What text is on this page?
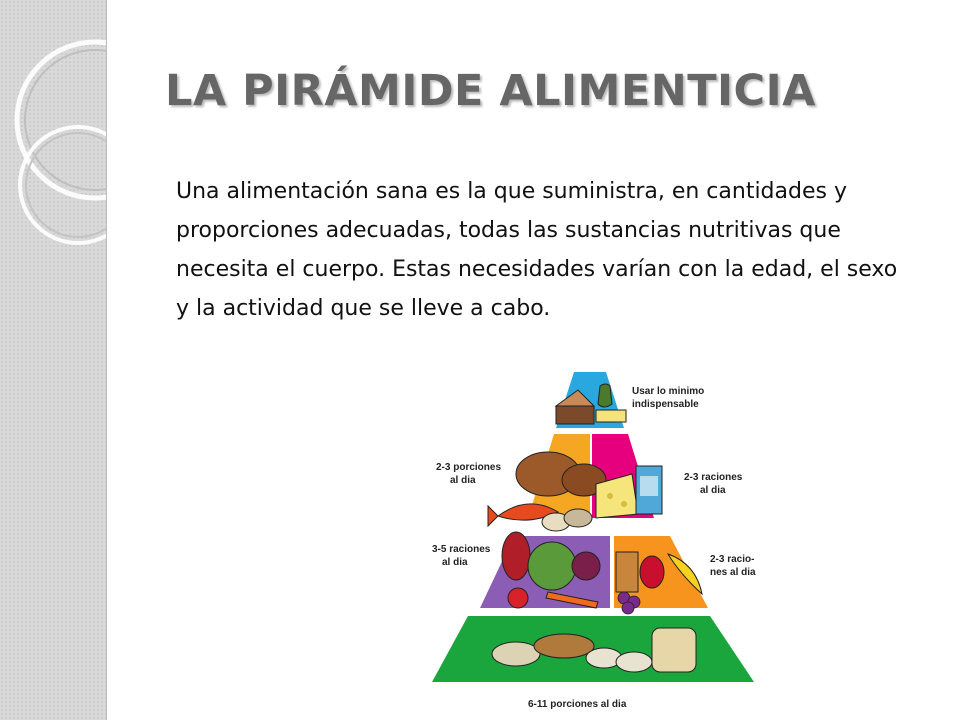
LA PIRÁMIDE ALIMENTICIA

Una alimentación sana es la que suministra, en cantidades y proporciones adecuadas, todas las sustancias nutritivas que necesita el cuerpo. Estas necesidades varían con la edad, el sexo y la actividad que se lleve a cabo.

Usar lo minimo
indispensable
2-3 porciones
al dia	2-3 raciones
al dia
3-5 raciones
al dia	2-3 racio-
nes al dia
6-11 porciones al dia
